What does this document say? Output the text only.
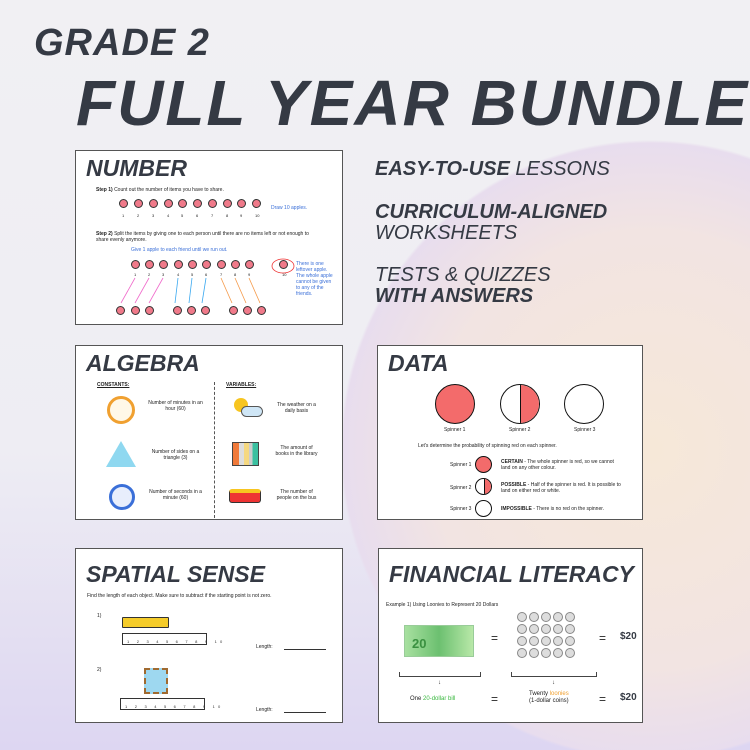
GRADE 2
FULL YEAR BUNDLE
EASY-TO-USE LESSONS
CURRICULUM-ALIGNED
WORKSHEETS
TESTS & QUIZZES
WITH ANSWERS
NUMBER
Step 1) Count out the number of items you have to share.
1	2	3	4	5	6	7	8	9	10
Draw 10 apples.
Step 2) Split the items by giving one to each person until there are no items left or not enough to share evenly anymore.
Give 1 apple to each friend until we run out.
1	2	3	4	5	6	7	8	9	10
There is one leftover apple. The whole apple cannot be given to any of the friends.
ALGEBRA
CONSTANTS:	VARIABLES:
Number of minutes in an hour (60)
Number of sides on a triangle (3)
Number of seconds in a minute (60)
The weather on a daily basis
The amount of books in the library
The number of people on the bus
DATA
Spinner 1	Spinner 2	Spinner 3
Let's determine the probability of spinning red on each spinner.
Spinner 1	CERTAIN - The whole spinner is red, so we cannot land on any other colour.
Spinner 2	POSSIBLE - Half of the spinner is red. It is possible to land on either red or white.
Spinner 3	IMPOSSIBLE - There is no red on the spinner.
SPATIAL SENSE
Find the length of each object. Make sure to subtract if the starting point is not zero.
1)
1 2 3 4 5 6 7 8 9 10
Length:
2)
1 2 3 4 5 6 7 8 9 10
Length:
FINANCIAL LITERACY
Example 1) Using Loonies to Represent 20 Dollars
20	=	= $20
↓	↓
One 20-dollar bill	=	Twenty loonies
(1-dollar coins)	= $20
